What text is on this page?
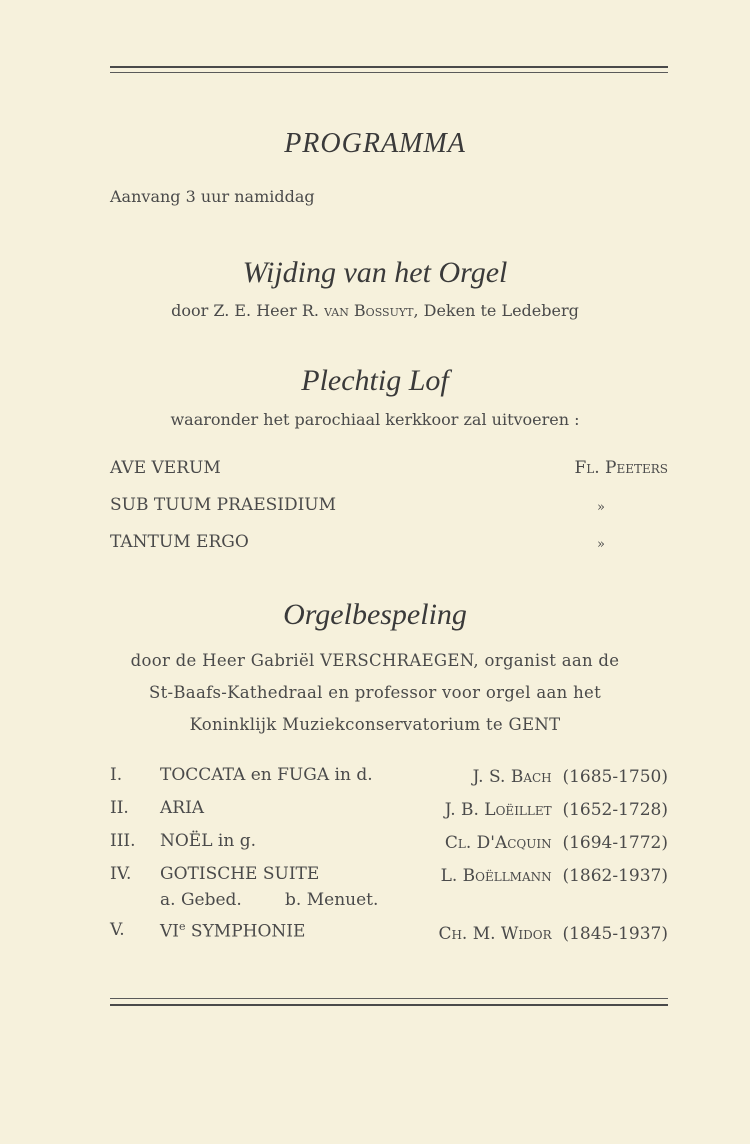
PROGRAMMA
Aanvang 3 uur namiddag
Wijding van het Orgel
door Z. E. Heer R. van Bossuyt, Deken te Ledeberg
Plechtig Lof
waaronder het parochiaal kerkkoor zal uitvoeren :
AVE VERUM	Fl. Peeters
SUB TUUM PRAESIDIUM	»
TANTUM ERGO	»
Orgelbespeling
door de Heer Gabriël VERSCHRAEGEN, organist aan de
St-Baafs-Kathedraal en professor voor orgel aan het
Koninklijk Muziekconservatorium te GENT
I. TOCCATA en FUGA in d.	J. S. Bach (1685-1750)
II. ARIA	J. B. Loëillet (1652-1728)
III. NOËL in g.	Cl. D'Acquin (1694-1772)
IV. GOTISCHE SUITE	L. Boëllmann (1862-1937)
a. Gebed.        b. Menuet.
V. VIe SYMPHONIE	Ch. M. Widor (1845-1937)
